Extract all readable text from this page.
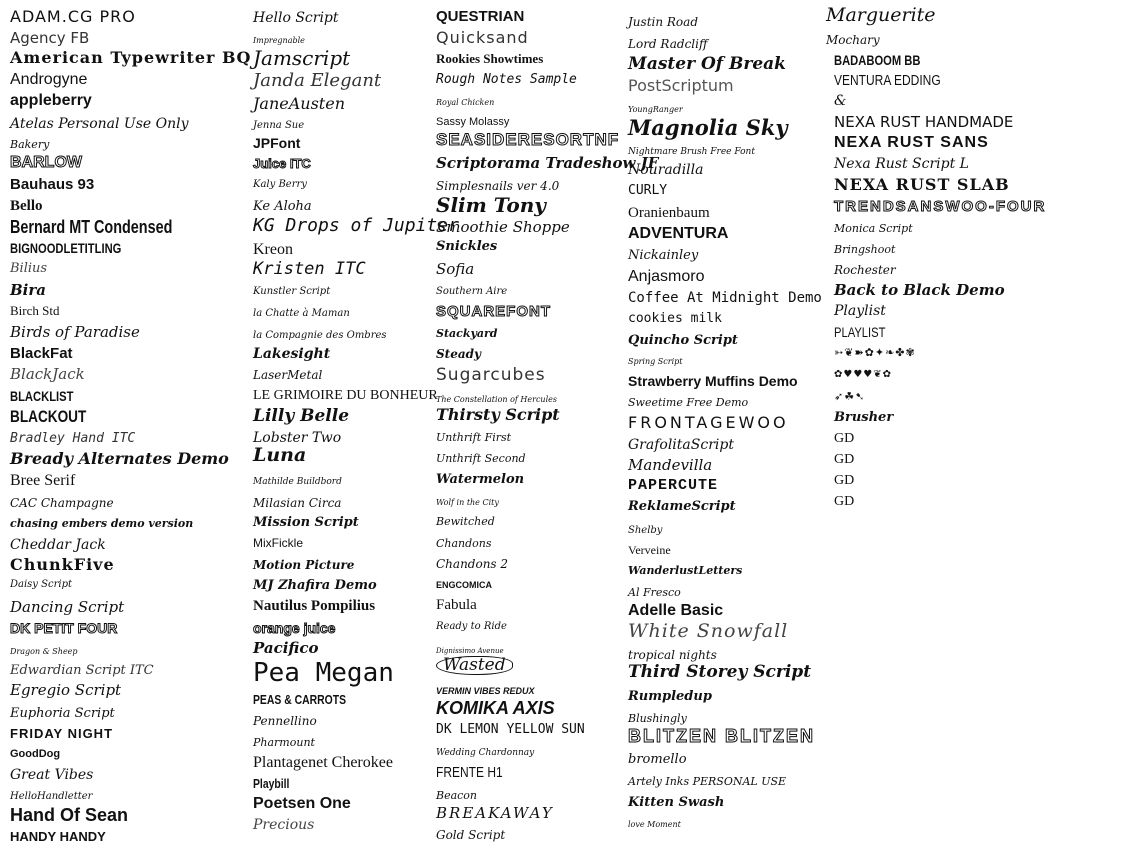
ADAM.CG PRO
Agency FB
American Typewriter BQ
Androgyne
appleberry
Atelas Personal Use Only
Bakery
BARLOW
Bauhaus 93
Bello
Bernard MT Condensed
BIGNOODLETITLING
Bilius
Bira
Birch Std
Birds of Paradise
BlackFat
BlackJack
BLACKLIST
BLACKOUT
Bradley Hand ITC
Bready Alternates Demo
Bree Serif
CAC Champagne
chasing embers demo version
Cheddar Jack
ChunkFive
Daisy Script
Dancing Script
DK PETIT FOUR
Dragon & Sheep
Edwardian Script ITC
Egregio Script
Euphoria Script
FRIDAY NIGHT
GoodDog
Great Vibes
HelloHandletter
Hand Of Sean
HANDY HANDY
Hello Script
Impregnable
Jamscript
Janda Elegant
JaneAusten
Jenna Sue
JPFont
Juice ITC
Kaly Berry
Ke Aloha
KG Drops of Jupiter
Kreon
Kristen ITC
Kunstler Script
la Chatte à Maman
la Compagnie des Ombres
Lakesight
LaserMetal
LE GRIMOIRE DU BONHEUR
Lilly Belle
Lobster Two
Luna
Mathilde Buildbord
Milasian Circa
Mission Script
MixFickle
Motion Picture
MJ Zhafira Demo
Nautilus Pompilius
orange juice
Pacifico
Pea Megan
PEAS & CARROTS
Pennellino
Pharmount
Plantagenet Cherokee
Playbill
Poetsen One
Precious
QUESTRIAN
Quicksand
Rookies Showtimes
Rough Notes Sample
Royal Chicken
Sassy Molassy
SEASIDERESORTNF
Scriptorama Tradeshow JF
Simplesnails ver 4.0
Slim Tony
Smoothie Shoppe
Snickles
Sofia
Southern Aire
SQUAREFONT
Stackyard
Steady
Sugarcubes
The Constellation of Hercules
Thirsty Script
Unthrift First
Unthrift Second
Watermelon
Wolf in the City
Bewitched
Chandons
Chandons 2
ENGCOMICA
Fabula
Ready to Ride
Dignissimo Avenue
Wasted
VERMIN VIBES REDUX
KOMIKA AXIS
DK LEMON YELLOW SUN
Wedding Chardonnay
FRENTE H1
Beacon
BREAKAWAY
Gold Script
Justin Road
Lord Radcliff
Master Of Break
PostScriptum
YoungRanger
Magnolia Sky
Nightmare Brush Free Font
Nouradilla
CURLY
Oranienbaum
ADVENTURA
Nickainley
Anjasmoro
Coffee At Midnight Demo
cookies milk
Quincho Script
Spring Script
Strawberry Muffins Demo
Sweetime Free Demo
FRONTAGEWOO
GrafolitaScript
Mandevilla
PAPERCUTE
ReklameScript
Shelby
Verveine
WanderlustLetters
Al Fresco
Adelle Basic
White Snowfall
tropical nights
Third Storey Script
Rumpledup
Blushingly
BLITZEN BLITZEN
bromello
Artely Inks PERSONAL USE
Kitten Swash
love Moment
Marguerite
Mochary
BADABOOM BB
VENTURA EDDING
&
NEXA RUST HANDMADE
NEXA RUST SANS
Nexa Rust Script L
NEXA RUST SLAB
TRENDSANSWOO-FOUR
Monica Script
Bringshoot
Rochester
Back to Black Demo
Playlist
PLAYLIST
➳❦➽✿✦❧✤✾
✿♥♥♥❦✿
➶☘➷
Brusher
GD
GD
GD
GD
